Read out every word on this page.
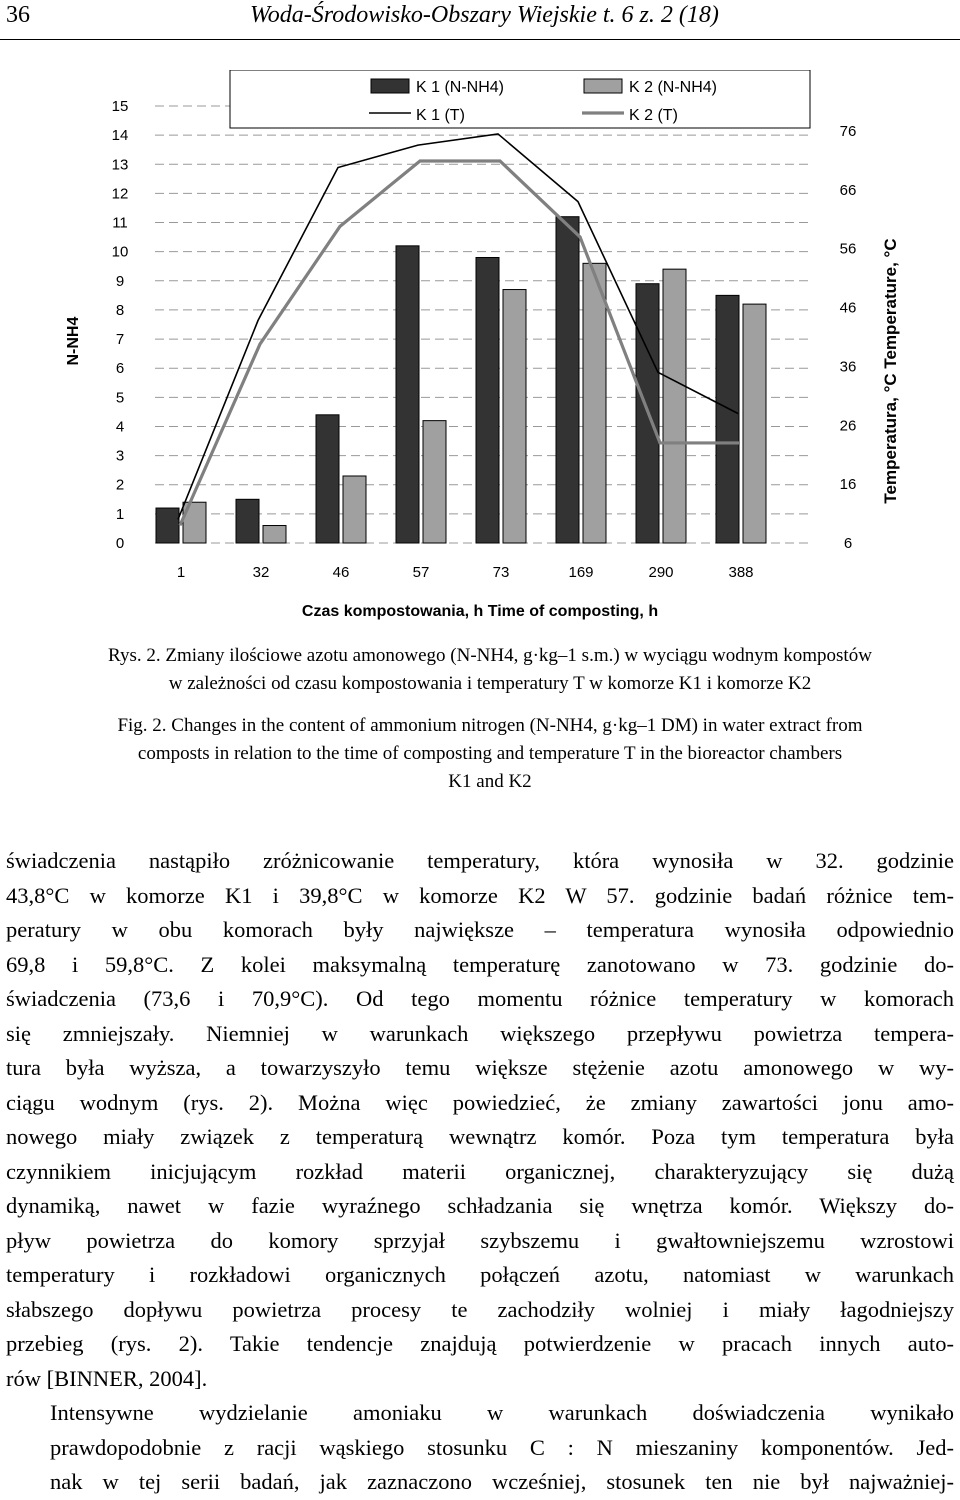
36	Woda-Środowisko-Obszary Wiejskie t. 6 z. 2 (18)
0
1
2
3
4
5
6
7
8
9
10
11
12
13
14
15
6
16
26
36
46
56
66
76
N-NH4	Temperatura, °C Temperature, °C
1	32	46	57	73	169	290	388
Czas kompostowania, h Time of composting, h
K 1 (N-NH4)	K 2 (N-NH4)
K 1 (T)	K 2 (T)
Rys. 2. Zmiany ilościowe azotu amonowego (N-NH4, g·kg–1 s.m.) w wyciągu wodnym kompostów
w zależności od czasu kompostowania i temperatury T w komorze K1 i komorze K2
Fig. 2. Changes in the content of ammonium nitrogen (N-NH4, g·kg–1 DM) in water extract from
composts in relation to the time of composting and temperature T in the bioreactor chambers
K1 and K2

świadczenia nastąpiło zróżnicowanie temperatury, która wynosiła w 32. godzinie
43,8°C w komorze K1 i 39,8°C w komorze K2 W 57. godzinie badań różnice tem-
peratury w obu komorach były największe – temperatura wynosiła odpowiednio
69,8 i 59,8°C. Z kolei maksymalną temperaturę zanotowano w 73. godzinie do-
świadczenia (73,6 i 70,9°C). Od tego momentu różnice temperatury w komorach
się zmniejszały. Niemniej w warunkach większego przepływu powietrza tempera-
tura była wyższa, a towarzyszyło temu większe stężenie azotu amonowego w wy-
ciągu wodnym (rys. 2). Można więc powiedzieć, że zmiany zawartości jonu amo-
nowego miały związek z temperaturą wewnątrz komór. Poza tym temperatura była
czynnikiem inicjującym rozkład materii organicznej, charakteryzujący się dużą
dynamiką, nawet w fazie wyraźnego schładzania się wnętrza komór. Większy do-
pływ powietrza do komory sprzyjał szybszemu i gwałtowniejszemu wzrostowi
temperatury i rozkładowi organicznych połączeń azotu, natomiast w warunkach
słabszego dopływu powietrza procesy te zachodziły wolniej i miały łagodniejszy
przebieg (rys. 2). Takie tendencje znajdują potwierdzenie w pracach innych auto-
rów [BINNER, 2004].

Intensywne wydzielanie amoniaku w warunkach doświadczenia wynikało
prawdopodobnie z racji wąskiego stosunku C : N mieszaniny komponentów. Jed-
nak w tej serii badań, jak zaznaczono wcześniej, stosunek ten nie był najważniej-
